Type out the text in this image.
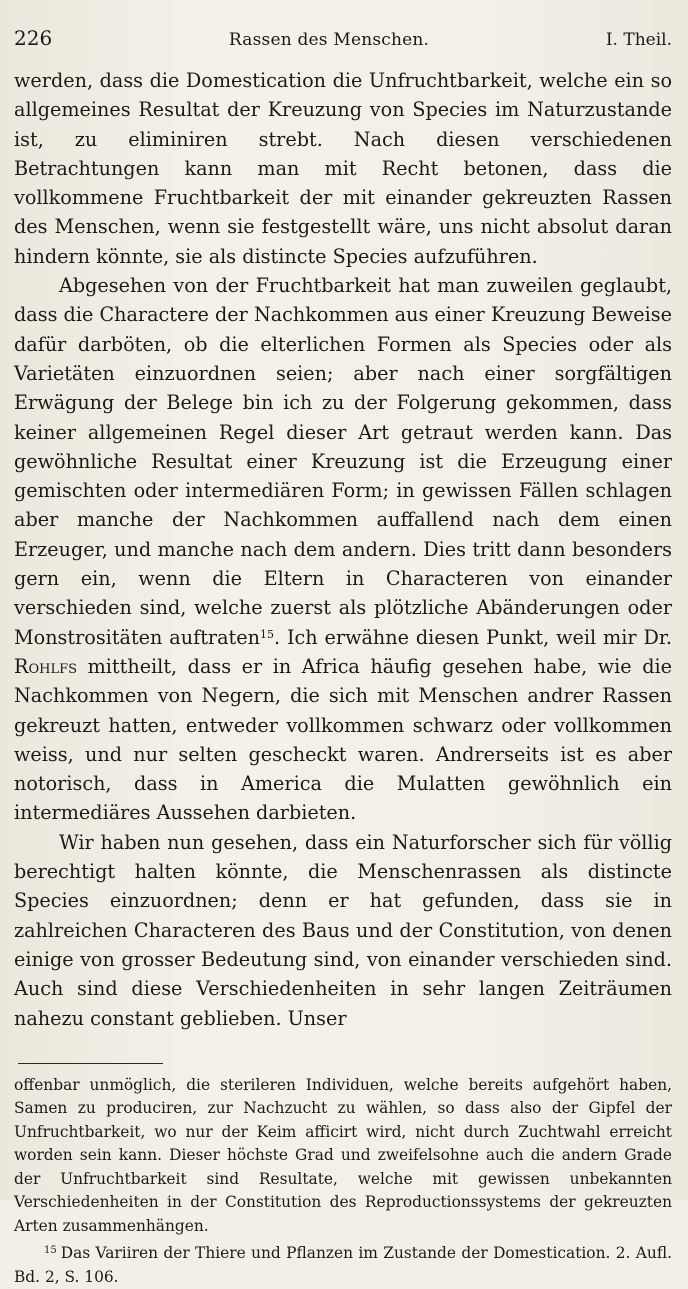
226	Rassen des Menschen.	I. Theil.

werden, dass die Domestication die Unfruchtbarkeit, welche ein so allgemeines Resultat der Kreuzung von Species im Naturzustande ist, zu eliminiren strebt. Nach diesen verschiedenen Betrachtungen kann man mit Recht betonen, dass die vollkommene Fruchtbarkeit der mit einander gekreuzten Rassen des Menschen, wenn sie festgestellt wäre, uns nicht absolut daran hindern könnte, sie als distincte Species aufzuführen.

Abgesehen von der Fruchtbarkeit hat man zuweilen geglaubt, dass die Charactere der Nachkommen aus einer Kreuzung Beweise dafür darböten, ob die elterlichen Formen als Species oder als Varietäten einzuordnen seien; aber nach einer sorgfältigen Erwägung der Belege bin ich zu der Folgerung gekommen, dass keiner allgemeinen Regel dieser Art getraut werden kann. Das gewöhnliche Resultat einer Kreuzung ist die Erzeugung einer gemischten oder intermediären Form; in gewissen Fällen schlagen aber manche der Nachkommen auffallend nach dem einen Erzeuger, und manche nach dem andern. Dies tritt dann besonders gern ein, wenn die Eltern in Characteren von einander verschieden sind, welche zuerst als plötzliche Abänderungen oder Monstrositäten auftraten$^{15}$. Ich erwähne diesen Punkt, weil mir Dr. Rohlfs mittheilt, dass er in Africa häufig gesehen habe, wie die Nachkommen von Negern, die sich mit Menschen andrer Rassen gekreuzt hatten, entweder vollkommen schwarz oder vollkommen weiss, und nur selten gescheckt waren. Andrerseits ist es aber notorisch, dass in America die Mulatten gewöhnlich ein intermediäres Aussehen darbieten.

Wir haben nun gesehen, dass ein Naturforscher sich für völlig berechtigt halten könnte, die Menschenrassen als distincte Species einzuordnen; denn er hat gefunden, dass sie in zahlreichen Characteren des Baus und der Constitution, von denen einige von grosser Bedeutung sind, von einander verschieden sind. Auch sind diese Verschiedenheiten in sehr langen Zeiträumen nahezu constant geblieben. Unser

offenbar unmöglich, die sterileren Individuen, welche bereits aufgehört haben, Samen zu produciren, zur Nachzucht zu wählen, so dass also der Gipfel der Unfruchtbarkeit, wo nur der Keim afficirt wird, nicht durch Zuchtwahl erreicht worden sein kann. Dieser höchste Grad und zweifelsohne auch die andern Grade der Unfruchtbarkeit sind Resultate, welche mit gewissen unbekannten Verschiedenheiten in der Constitution des Reproductionssystems der gekreuzten Arten zusammenhängen.

$^{15}$ Das Variiren der Thiere und Pflanzen im Zustande der Domestication. 2. Aufl. Bd. 2, S. 106.
